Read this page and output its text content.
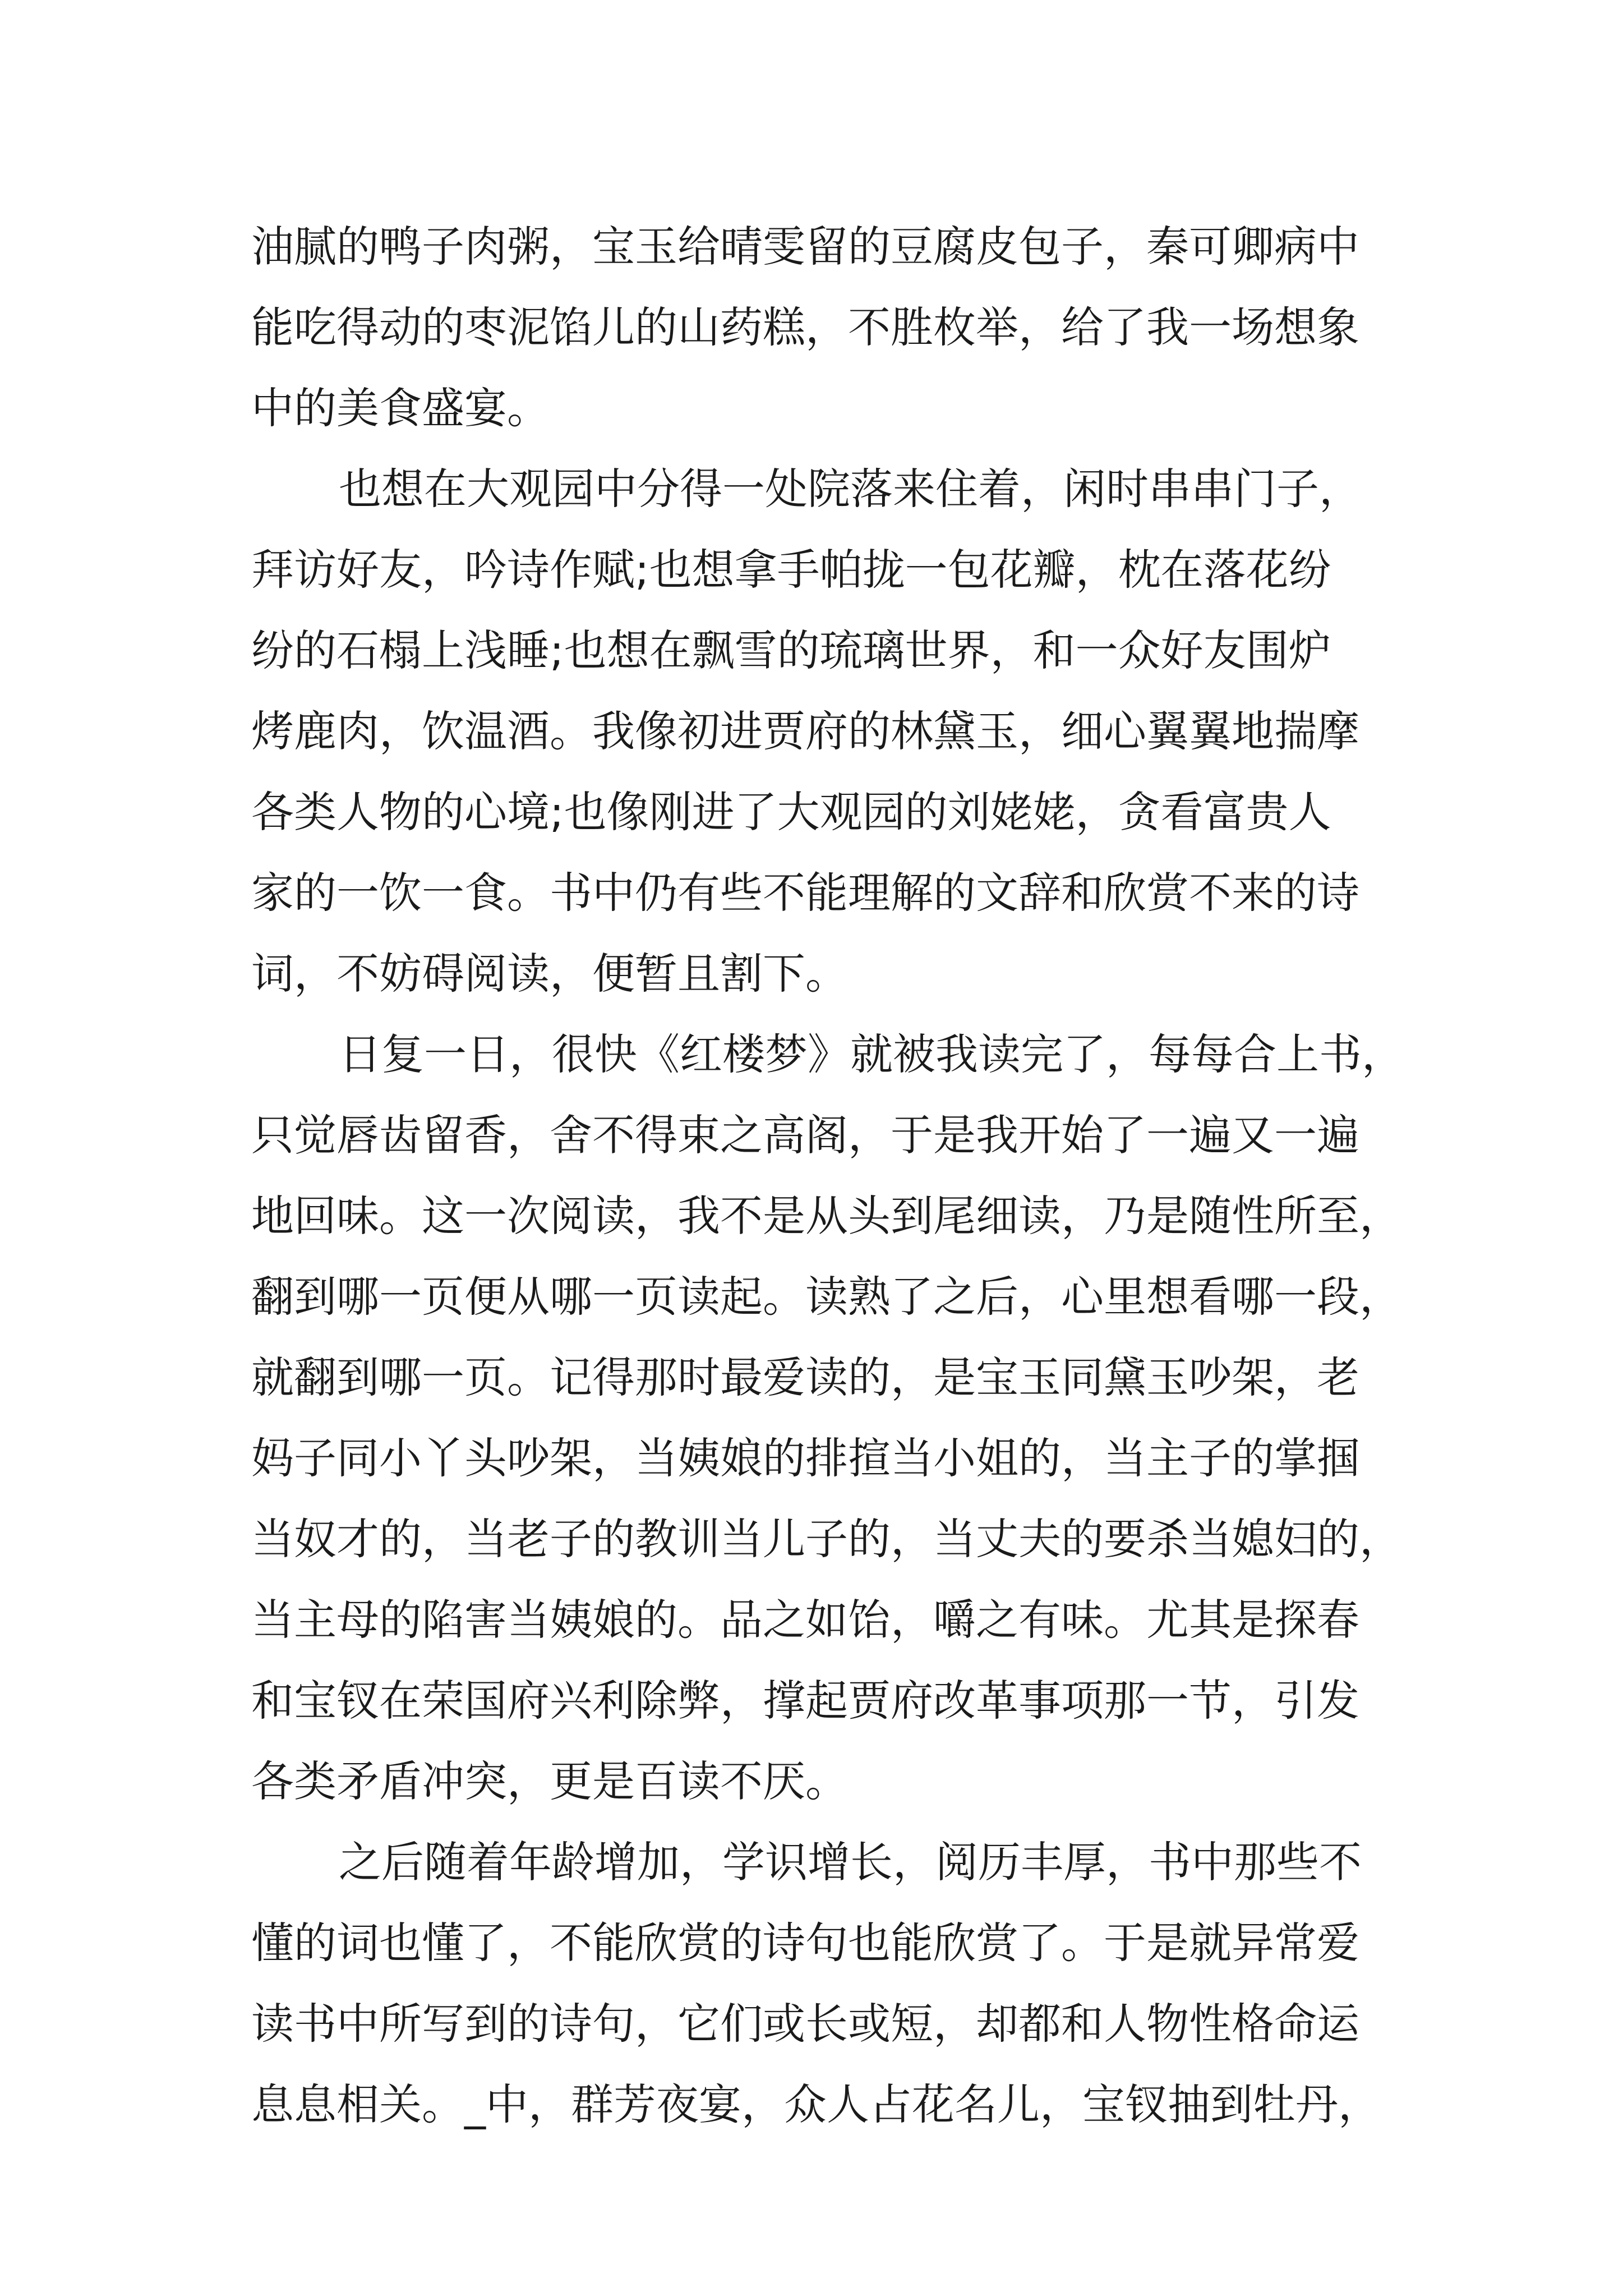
油腻的鸭子肉粥，宝玉给晴雯留的豆腐皮包子，秦可卿病中
能吃得动的枣泥馅儿的山药糕，不胜枚举，给了我一场想象
中的美食盛宴。
也想在大观园中分得一处院落来住着，闲时串串门子，
拜访好友，吟诗作赋;也想拿手帕拢一包花瓣，枕在落花纷
纷的石榻上浅睡;也想在飘雪的琉璃世界，和一众好友围炉
烤鹿肉，饮温酒。我像初进贾府的林黛玉，细心翼翼地揣摩
各类人物的心境;也像刚进了大观园的刘姥姥，贪看富贵人
家的一饮一食。书中仍有些不能理解的文辞和欣赏不来的诗
词，不妨碍阅读，便暂且割下。
日复一日，很快《红楼梦》就被我读完了，每每合上书，
只觉唇齿留香，舍不得束之高阁，于是我开始了一遍又一遍
地回味。这一次阅读，我不是从头到尾细读，乃是随性所至，
翻到哪一页便从哪一页读起。读熟了之后，心里想看哪一段，
就翻到哪一页。记得那时最爱读的，是宝玉同黛玉吵架，老
妈子同小丫头吵架，当姨娘的排揎当小姐的，当主子的掌掴
当奴才的，当老子的教训当儿子的，当丈夫的要杀当媳妇的，
当主母的陷害当姨娘的。品之如饴，嚼之有味。尤其是探春
和宝钗在荣国府兴利除弊，撑起贾府改革事项那一节，引发
各类矛盾冲突，更是百读不厌。
之后随着年龄增加，学识增长，阅历丰厚，书中那些不
懂的词也懂了，不能欣赏的诗句也能欣赏了。于是就异常爱
读书中所写到的诗句，它们或长或短，却都和人物性格命运
息息相关。_中，群芳夜宴，众人占花名儿，宝钗抽到牡丹，
